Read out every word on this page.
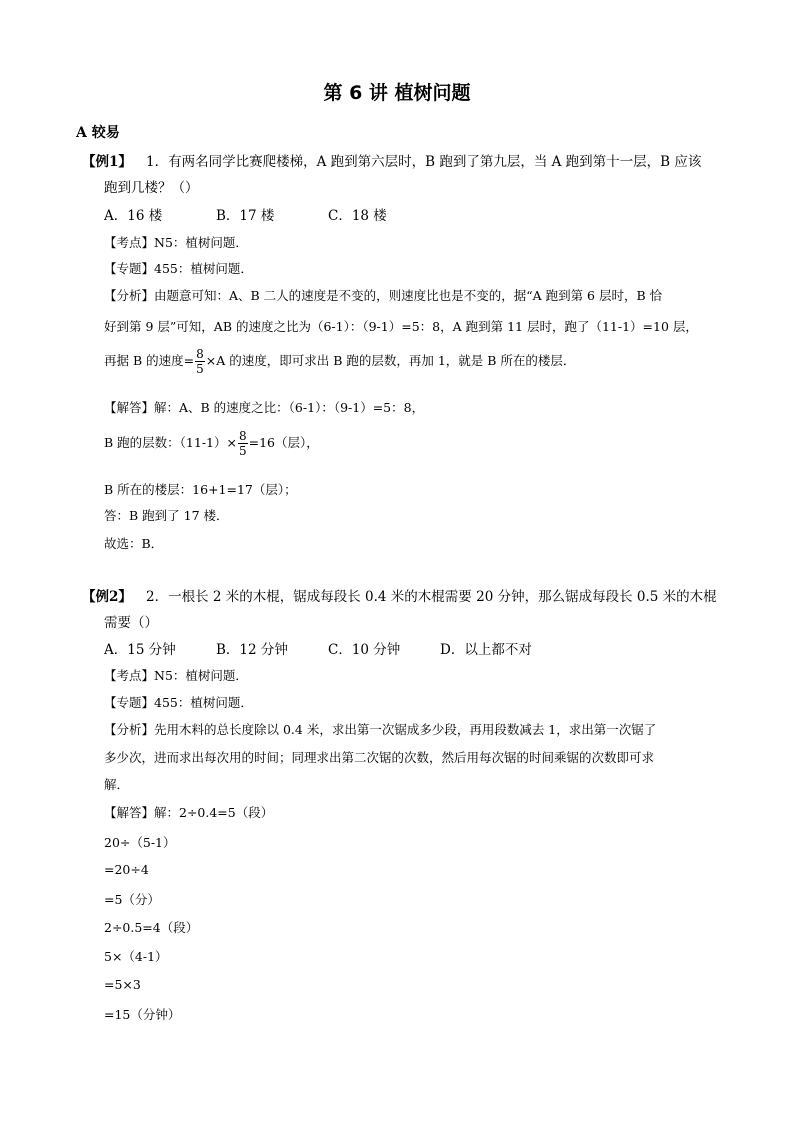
第 6 讲 植树问题
A 较易
【例1】 1．有两名同学比赛爬楼梯，A 跑到第六层时，B 跑到了第九层，当 A 跑到第十一层，B 应该
跑到几楼？（）
A．16 楼	B．17 楼	C．18 楼
【考点】N5：植树问题．
【专题】455：植树问题．
【分析】由题意可知：A、B 二人的速度是不变的，则速度比也是不变的，据“A 跑到第 6 层时，B 恰
好到第 9 层”可知，AB 的速度之比为（6-1）：（9-1）=5：8，A 跑到第 11 层时，跑了（11-1）=10 层，
再据 B 的速度= $\frac{8}{5} \times A$ 的速度，即可求出 B 跑的层数，再加 1，就是 B 所在的楼层．
【解答】解：A、B 的速度之比：（6-1）：（9-1）=5：8，
B 跑的层数：$(11-1)\times \frac{8}{5} =16$（层），
B 所在的楼层：16+1=17（层）；
答：B 跑到了 17 楼．
故选：B．
【例2】 2．一根长 2 米的木棍，锯成每段长 0.4 米的木棍需要 20 分钟，那么锯成每段长 0.5 米的木棍
需要（）
A．15 分钟	B．12 分钟	C．10 分钟	D．以上都不对
【考点】N5：植树问题．
【专题】455：植树问题．
【分析】先用木料的总长度除以 0.4 米，求出第一次锯成多少段，再用段数减去 1，求出第一次锯了
多少次，进而求出每次用的时间；同理求出第二次锯的次数，然后用每次锯的时间乘锯的次数即可求
解．
【解答】解：2÷0.4=5（段）
20÷（5-1）
=20÷4
=5（分）
2÷0.5=4（段）
5×（4-1）
=5×3
=15（分钟）
